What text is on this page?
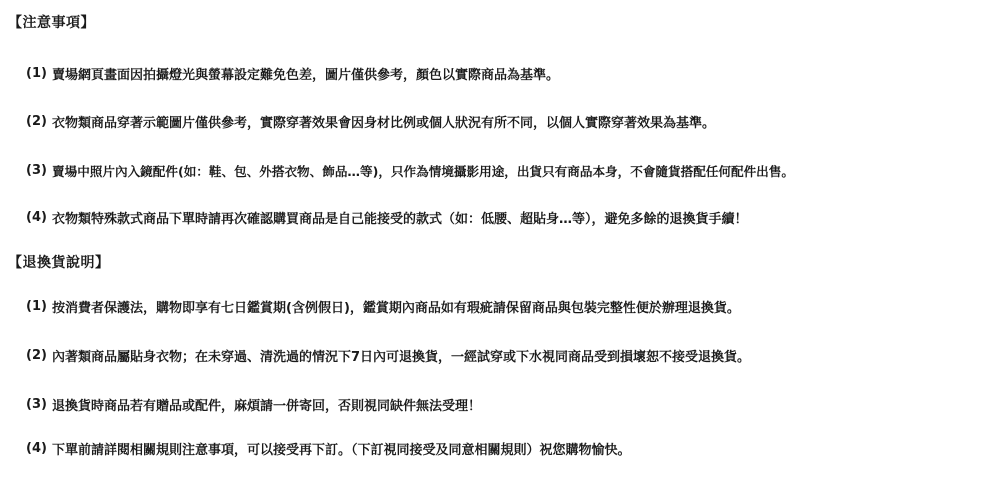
【注意事項】
(1) 賣場網頁畫面因拍攝燈光與螢幕設定難免色差，圖片僅供參考，顏色以實際商品為基準。
(2) 衣物類商品穿著示範圖片僅供參考，實際穿著效果會因身材比例或個人狀況有所不同，以個人實際穿著效果為基準。
(3) 賣場中照片內入鏡配件(如：鞋、包、外搭衣物、飾品…等)，只作為情境攝影用途，出貨只有商品本身，不會隨貨搭配任何配件出售。
(4) 衣物類特殊款式商品下單時請再次確認購買商品是自己能接受的款式（如：低腰、超貼身…等），避免多餘的退換貨手續！
【退換貨說明】
(1) 按消費者保護法，購物即享有七日鑑賞期(含例假日)，鑑賞期內商品如有瑕疵請保留商品與包裝完整性便於辦理退換貨。
(2) 內著類商品屬貼身衣物；在未穿過、清洗過的情況下7日內可退換貨，一經試穿或下水視同商品受到損壞恕不接受退換貨。
(3) 退換貨時商品若有贈品或配件，麻煩請一併寄回，否則視同缺件無法受理！
(4) 下單前請詳閱相關規則注意事項，可以接受再下訂。（下訂視同接受及同意相關規則）祝您購物愉快。
